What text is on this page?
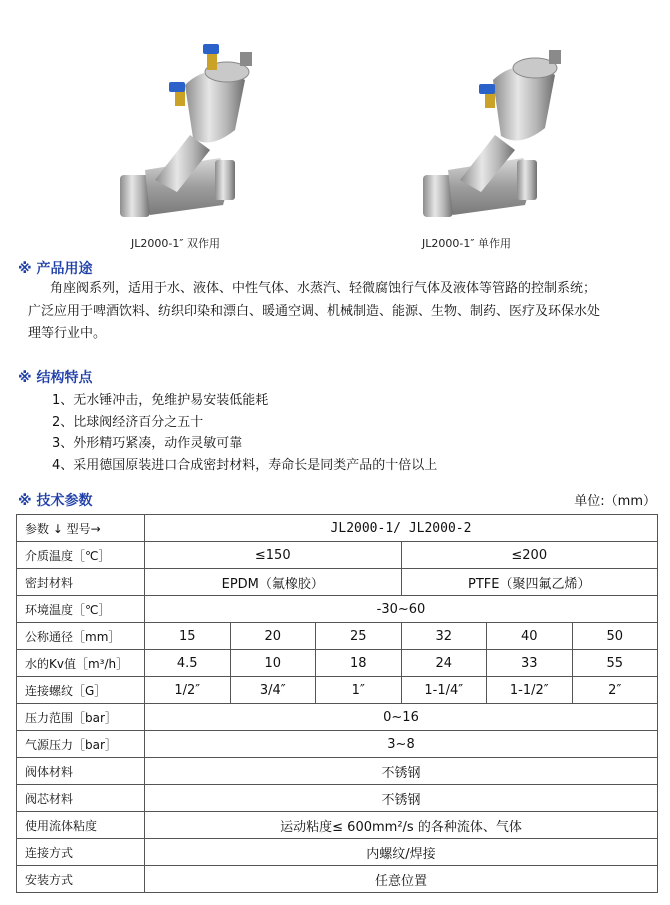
JL2000-1″ 双作用	JL2000-1″ 单作用
※ 产品用途
角座阀系列，适用于水、液体、中性气体、水蒸汽、轻微腐蚀行气体及液体等管路的控制系统；
广泛应用于啤酒饮料、纺织印染和漂白、暖通空调、机械制造、能源、生物、制药、医疗及环保水处
理等行业中。
※ 结构特点
1、无水锤冲击，免维护易安装低能耗
2、比球阀经济百分之五十
3、外形精巧紧凑，动作灵敏可靠
4、采用德国原装进口合成密封材料，寿命长是同类产品的十倍以上
※ 技术参数	单位:（mm）
参数 ↓ 型号→	JL2000-1/ JL2000-2					
介质温度［℃］	≤150			≤200		
密封材料	EPDM（氟橡胶）			PTFE（聚四氟乙烯）		
环境温度［℃］	-30~60					
公称通径［mm］	15	20	25	32	40	50
水的Kv值［m³/h］	4.5	10	18	24	33	55
连接螺纹［G］	1/2″	3/4″	1″	1-1/4″	1-1/2″	2″
压力范围［bar］	0~16					
气源压力［bar］	3~8					
阀体材料	不锈钢					
阀芯材料	不锈钢					
使用流体粘度	运动粘度≤ 600mm²/s 的各种流体、气体					
连接方式	内螺纹/焊接					
安装方式	任意位置					
